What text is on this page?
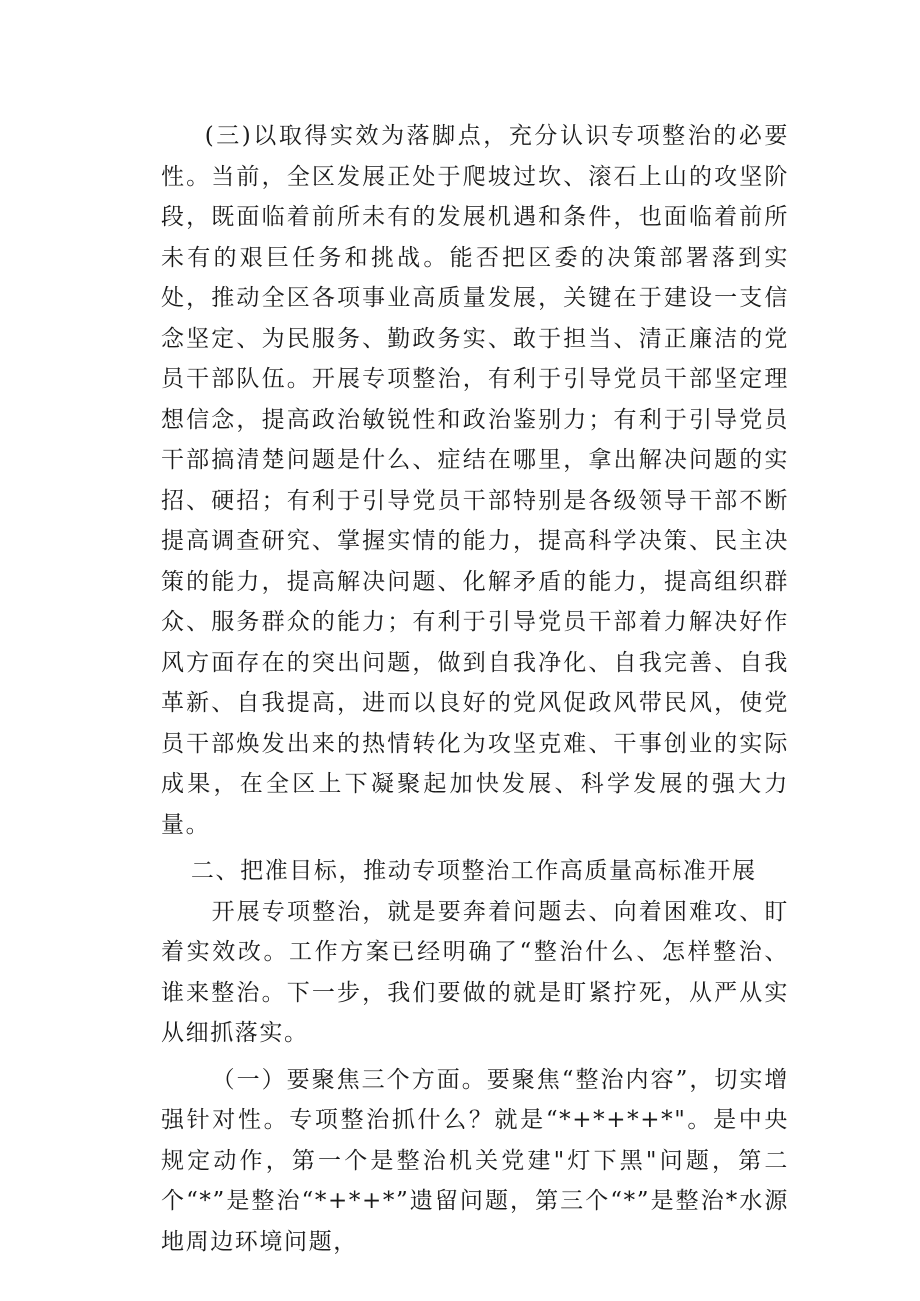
(三)以取得实效为落脚点，充分认识专项整治的必要性。当前，全区发展正处于爬坡过坎、滚石上山的攻坚阶段，既面临着前所未有的发展机遇和条件，也面临着前所未有的艰巨任务和挑战。能否把区委的决策部署落到实处，推动全区各项事业高质量发展，关键在于建设一支信念坚定、为民服务、勤政务实、敢于担当、清正廉洁的党员干部队伍。开展专项整治，有利于引导党员干部坚定理想信念，提高政治敏锐性和政治鉴别力；有利于引导党员干部搞清楚问题是什么、症结在哪里，拿出解决问题的实招、硬招；有利于引导党员干部特别是各级领导干部不断提高调查研究、掌握实情的能力，提高科学决策、民主决策的能力，提高解决问题、化解矛盾的能力，提高组织群众、服务群众的能力；有利于引导党员干部着力解决好作风方面存在的突出问题，做到自我净化、自我完善、自我革新、自我提高，进而以良好的党风促政风带民风，使党员干部焕发出来的热情转化为攻坚克难、干事创业的实际成果，在全区上下凝聚起加快发展、科学发展的强大力量。

二、把准目标，推动专项整治工作高质量高标准开展

开展专项整治，就是要奔着问题去、向着困难攻、盯着实效改。工作方案已经明确了“整治什么、怎样整治、谁来整治。下一步，我们要做的就是盯紧拧死，从严从实从细抓落实。

（一）要聚焦三个方面。要聚焦“整治内容”，切实增强针对性。专项整治抓什么？就是“*+*+*+*"。是中央规定动作，第一个是整治机关党建"灯下黑"问题，第二个“*”是整治“*+*+*”遗留问题，第三个“*”是整治*水源地周边环境问题，
